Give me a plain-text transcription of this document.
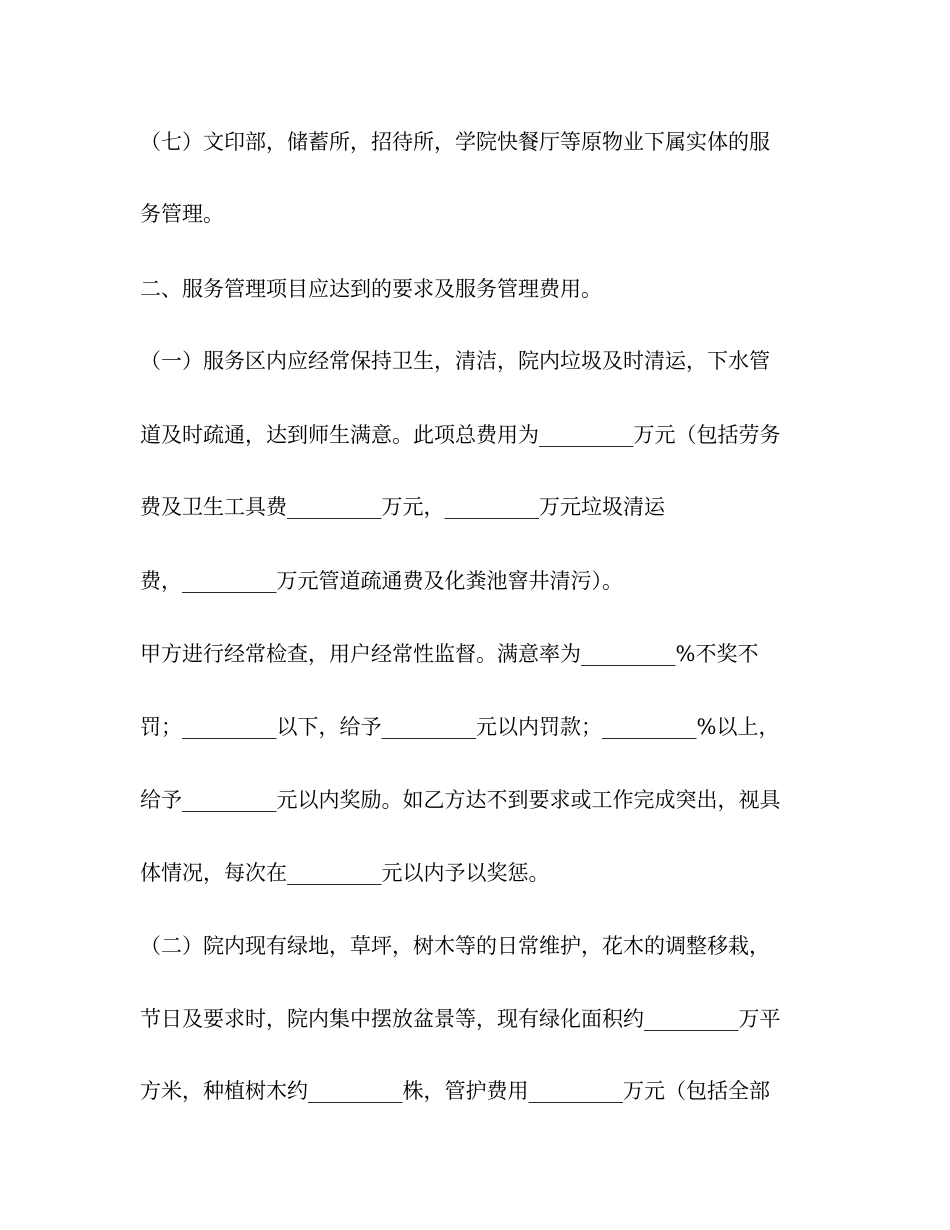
（七）文印部，储蓄所，招待所，学院快餐厅等原物业下属实体的服
务管理。
二、服务管理项目应达到的要求及服务管理费用。
（一）服务区内应经常保持卫生，清洁，院内垃圾及时清运，下水管
道及时疏通，达到师生满意。此项总费用为_________万元（包括劳务
费及卫生工具费_________万元，_________万元垃圾清运
费，_________万元管道疏通费及化粪池窨井清污）。
甲方进行经常检查，用户经常性监督。满意率为_________%不奖不
罚；_________以下，给予_________元以内罚款；_________%以上，
给予_________元以内奖励。如乙方达不到要求或工作完成突出，视具
体情况，每次在_________元以内予以奖惩。
（二）院内现有绿地，草坪，树木等的日常维护，花木的调整移栽，
节日及要求时，院内集中摆放盆景等，现有绿化面积约_________万平
方米，种植树木约_________株，管护费用_________万元（包括全部
